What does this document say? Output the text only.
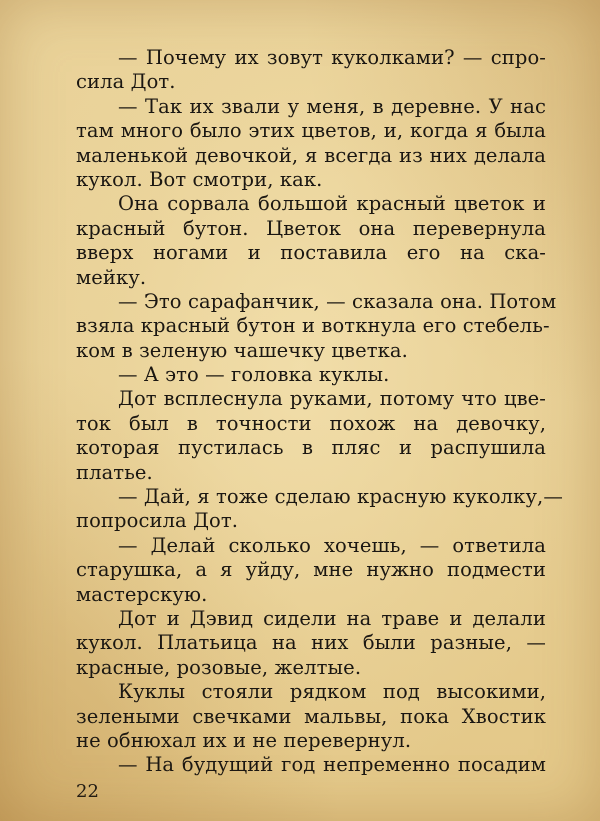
— Почему их зовут куколками? — спро-
сила Дот.
— Так их звали у меня, в деревне. У нас
там много было этих цветов, и, когда я была
маленькой девочкой, я всегда из них делала
кукол. Вот смотри, как.
Она сорвала большой красный цветок и
красный бутон. Цветок она перевернула
вверх ногами и поставила его на ска-
мейку.
— Это сарафанчик, — сказала она. Потом
взяла красный бутон и воткнула его стебель-
ком в зеленую чашечку цветка.
— А это — головка куклы.
Дот всплеснула руками, потому что цве-
ток был в точности похож на девочку,
которая пустилась в пляс и распушила
платье.
— Дай, я тоже сделаю красную куколку,—
попросила Дот.
— Делай сколько хочешь, — ответила
старушка, а я уйду, мне нужно подмести
мастерскую.
Дот и Дэвид сидели на траве и делали
кукол. Платьица на них были разные, —
красные, розовые, желтые.
Куклы стояли рядком под высокими,
зелеными свечками мальвы, пока Хвостик
не обнюхал их и не перевернул.
— На будущий год непременно посадим
22
